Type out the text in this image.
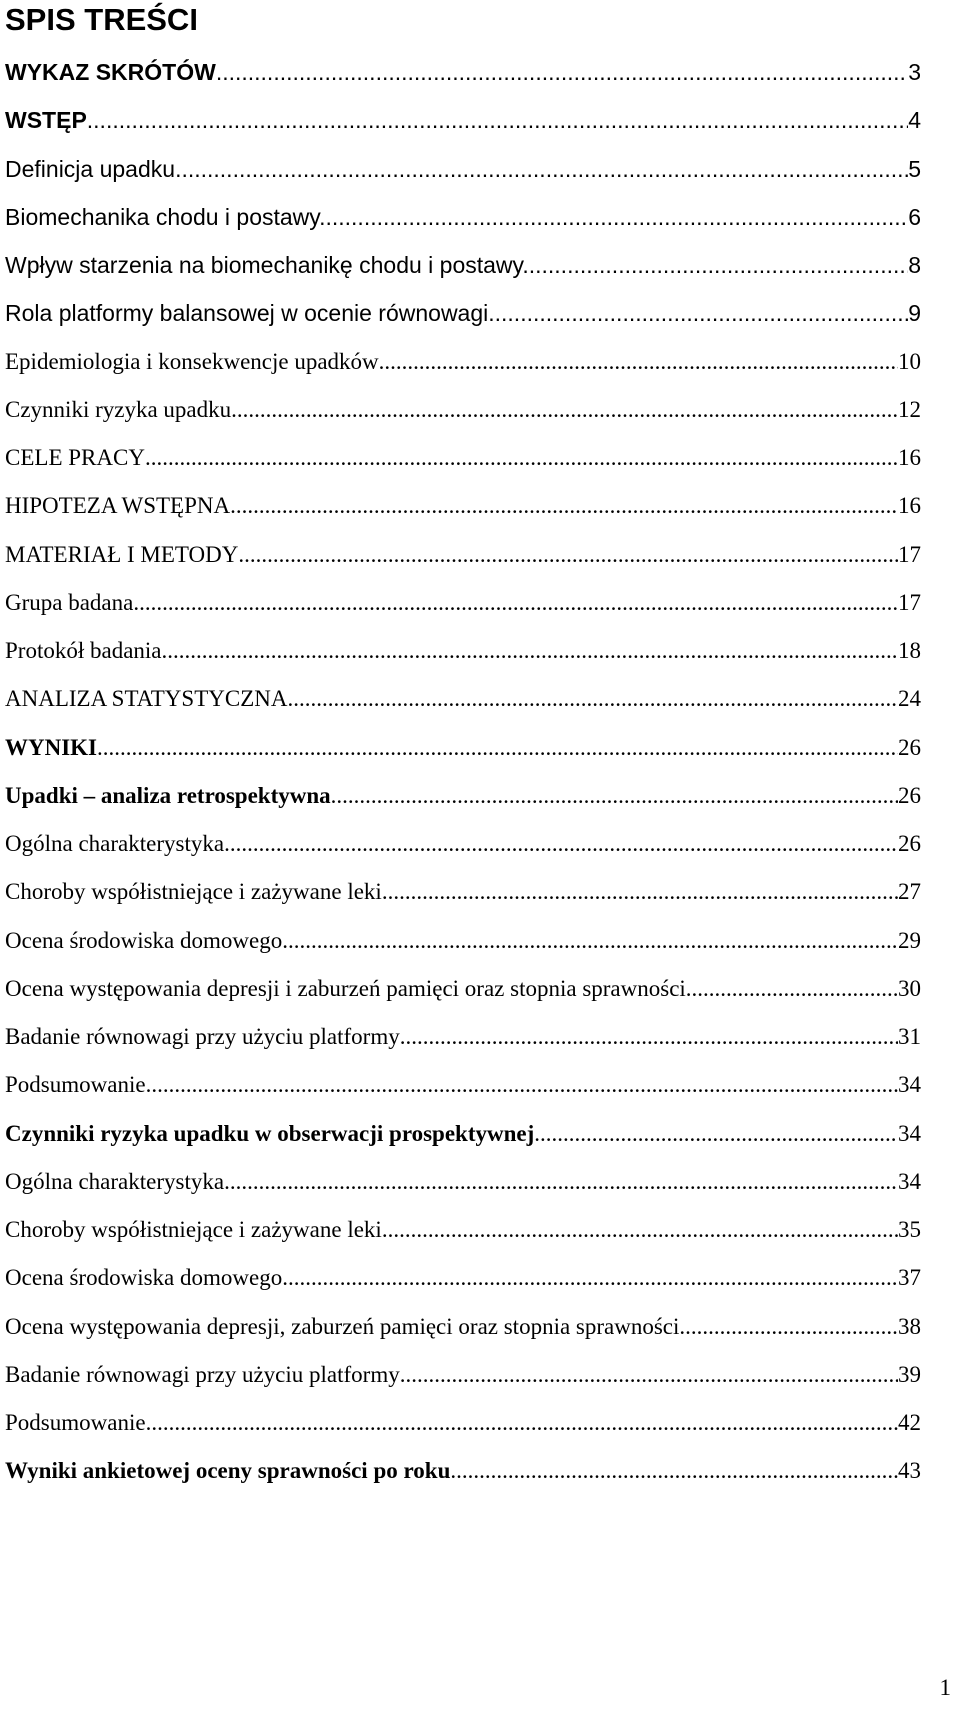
SPIS TREŚCI
WYKAZ SKRÓTÓW .....	3
WSTĘP .....	4
Definicja upadku .....	5
Biomechanika chodu i postawy. .....	6
Wpływ starzenia na biomechanikę chodu i postawy. .....	8
Rola platformy balansowej w ocenie równowagi. .....	9
Epidemiologia i konsekwencje upadków .....	10
Czynniki ryzyka upadku .....	12
CELE PRACY .....	16
HIPOTEZA WSTĘPNA .....	16
MATERIAŁ I METODY .....	17
Grupa badana .....	17
Protokół badania .....	18
ANALIZA STATYSTYCZNA .....	24
WYNIKI .....	26
Upadki – analiza retrospektywna .....	26
Ogólna charakterystyka .....	26
Choroby współistniejące i zażywane leki .....	27
Ocena środowiska domowego .....	29
Ocena występowania depresji i zaburzeń pamięci oraz stopnia sprawności .....	30
Badanie równowagi przy użyciu platformy .....	31
Podsumowanie .....	34
Czynniki ryzyka upadku w obserwacji prospektywnej .....	34
Ogólna charakterystyka .....	34
Choroby współistniejące i zażywane leki .....	35
Ocena środowiska domowego .....	37
Ocena występowania depresji, zaburzeń pamięci oraz stopnia sprawności .....	38
Badanie równowagi przy użyciu platformy .....	39
Podsumowanie .....	42
Wyniki ankietowej oceny sprawności po roku .....	43
1
